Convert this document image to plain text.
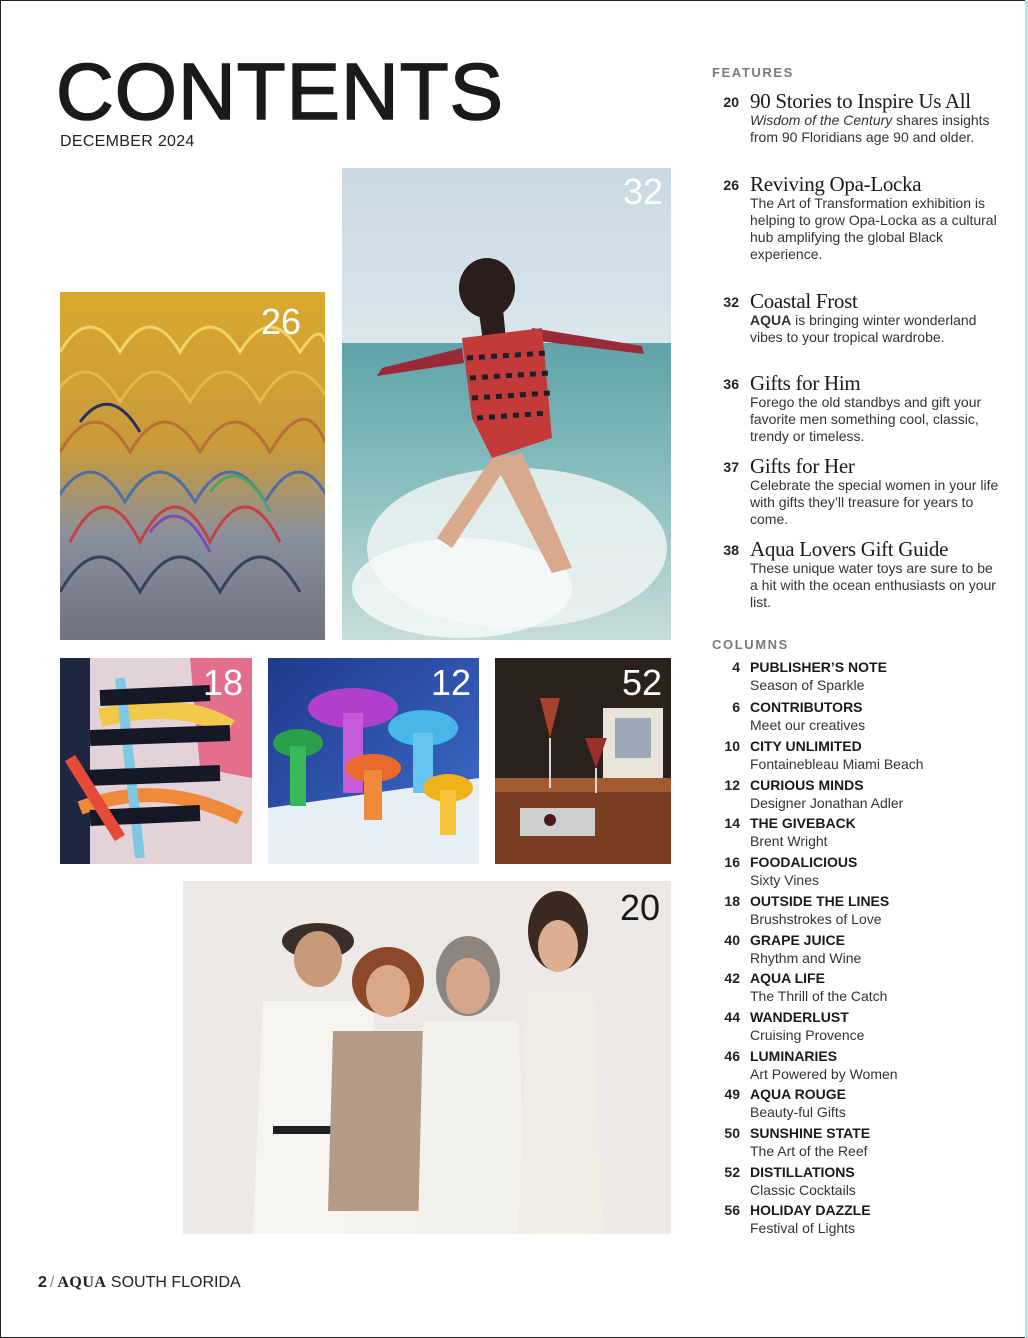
CONTENTS
DECEMBER 2024
26
32
18	12	52
20
FEATURES
20 90 Stories to Inspire Us All
Wisdom of the Century shares insights from 90 Floridians age 90 and older.
26 Reviving Opa-Locka
The Art of Transformation exhibition is helping to grow Opa-Locka as a cultural hub amplifying the global Black experience.
32 Coastal Frost
AQUA is bringing winter wonderland vibes to your tropical wardrobe.
36 Gifts for Him
Forego the old standbys and gift your favorite men something cool, classic, trendy or timeless.
37 Gifts for Her
Celebrate the special women in your life with gifts they’ll treasure for years to come.
38 Aqua Lovers Gift Guide
These unique water toys are sure to be a hit with the ocean enthusiasts on your list.
COLUMNS
4 PUBLISHER’S NOTE
Season of Sparkle
6 CONTRIBUTORS
Meet our creatives
10 CITY UNLIMITED
Fontainebleau Miami Beach
12 CURIOUS MINDS
Designer Jonathan Adler
14 THE GIVEBACK
Brent Wright
16 FOODALICIOUS
Sixty Vines
18 OUTSIDE THE LINES
Brushstrokes of Love
40 GRAPE JUICE
Rhythm and Wine
42 AQUA LIFE
The Thrill of the Catch
44 WANDERLUST
Cruising Provence
46 LUMINARIES
Art Powered by Women
49 AQUA ROUGE
Beauty-ful Gifts
50 SUNSHINE STATE
The Art of the Reef
52 DISTILLATIONS
Classic Cocktails
56 HOLIDAY DAZZLE
Festival of Lights
2 / AQUA SOUTH FLORIDA
